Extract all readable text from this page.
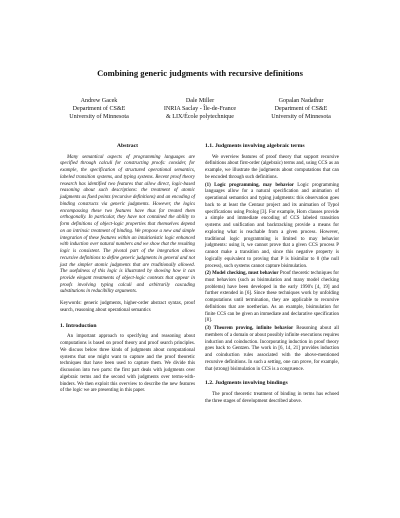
Combining generic judgments with recursive definitions
Andrew Gacek
Department of CS&E
University of Minnesota
Dale Miller
INRIA Saclay - Île-de-France
& LIX/École polytechnique
Gopalan Nadathur
Department of CS&E
University of Minnesota
Abstract

Many semantical aspects of programming languages are specified through calculi for constructing proofs: consider, for example, the specification of structured operational semantics, labeled transition systems, and typing systems. Recent proof theory research has identified two features that allow direct, logic-based reasoning about such descriptions: the treatment of atomic judgments as fixed points (recursive definitions) and an encoding of binding constructs via generic judgments. However, the logics encompassing these two features have thus far treated them orthogonally. In particular, they have not contained the ability to form definitions of object-logic properties that themselves depend on an intrinsic treatment of binding. We propose a new and simple integration of these features within an intuitionistic logic enhanced with induction over natural numbers and we show that the resulting logic is consistent. The pivotal part of the integration allows recursive definitions to define generic judgments in general and not just the simpler atomic judgments that are traditionally allowed. The usefulness of this logic is illustrated by showing how it can provide elegant treatments of object-logic contexts that appear in proofs involving typing calculi and arbitrarily cascading substitutions in reducibility arguments.

Keywords: generic judgments, higher-order abstract syntax, proof search, reasoning about operational semantics

1. Introduction

An important approach to specifying and reasoning about computations is based on proof theory and proof search principles. We discuss below three kinds of judgments about computational systems that one might want to capture and the proof theoretic techniques that have been used to capture them. We divide this discussion into two parts: the first part deals with judgments over algebraic terms and the second with judgments over terms-with-binders. We then exploit this overview to describe the new features of the logic we are presenting in this paper.

1.1. Judgments involving algebraic terms

We overview features of proof theory that support recursive definitions about first-order (algebraic) terms and, using CCS as an example, we illustrate the judgments about computations that can be encoded through such definitions.

(1) Logic programming, may behavior Logic programming languages allow for a natural specification and animation of operational semantics and typing judgments: this observation goes back to at least the Centaur project and its animation of Typol specifications using Prolog [3]. For example, Horn clauses provide a simple and immediate encoding of CCS labeled transition systems and unification and backtracking provide a means for exploring what is reachable from a given process. However, traditional logic programming is limited to may behavior judgments: using it, we cannot prove that a given CCS process P cannot make a transition and, since this negative property is logically equivalent to proving that P is bisimilar to 0 (the null process), such systems cannot capture bisimulation.

(2) Model checking, must behavior Proof theoretic techniques for must behaviors (such as bisimulation and many model checking problems) have been developed in the early 1990's [4, 19] and further extended in [6]. Since these techniques work by unfolding computations until termination, they are applicable to recursive definitions that are noetherian. As an example, bisimulation for finite CCS can be given an immediate and declarative specification [8].

(3) Theorem proving, infinite behavior Reasoning about all members of a domain or about possibly infinite executions requires induction and coinduction. Incorporating induction in proof theory goes back to Gentzen. The work in [6, 14, 21] provides induction and coinduction rules associated with the above-mentioned recursive definitions. In such a setting, one can prove, for example, that (strong) bisimulation in CCS is a congruence.

1.2. Judgments involving bindings

The proof theoretic treatment of binding in terms has echoed the three stages of development described above.
